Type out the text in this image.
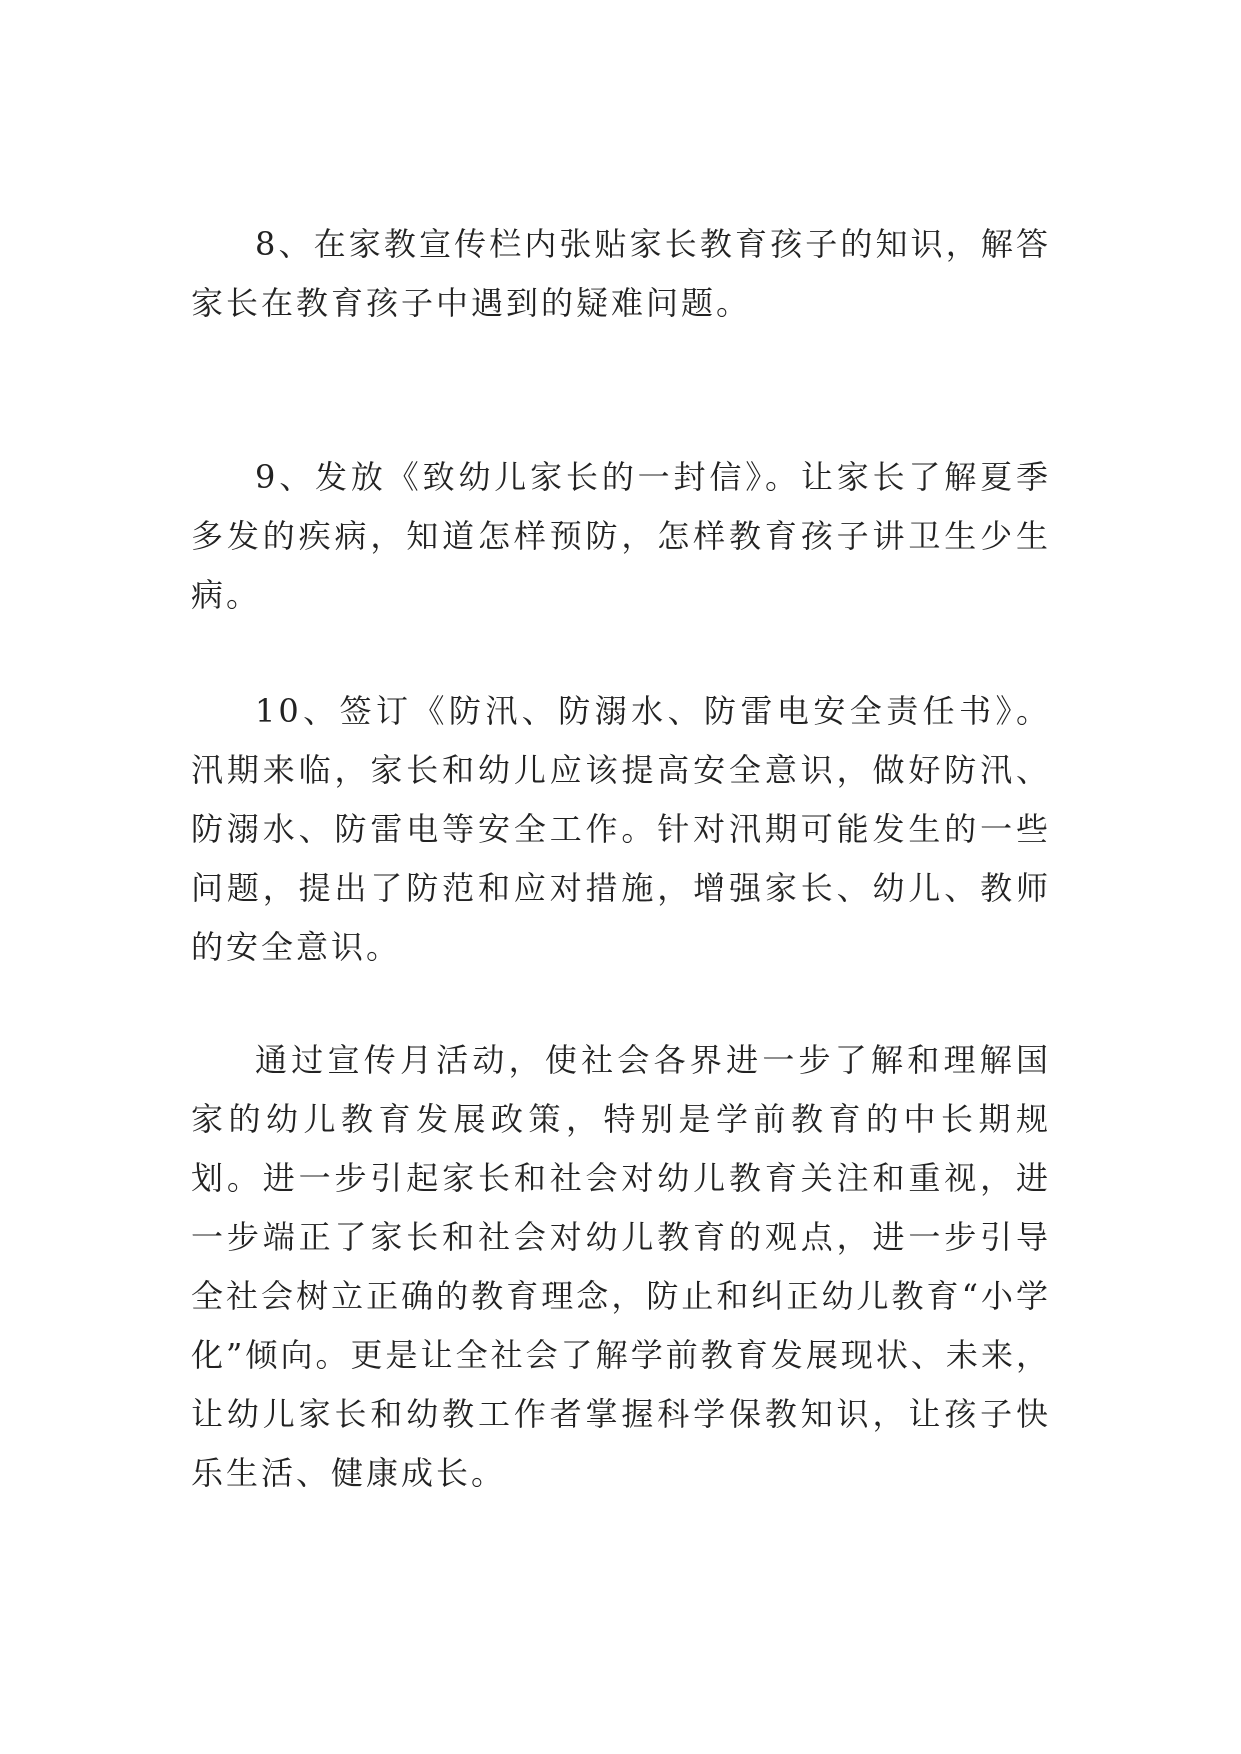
8、在家教宣传栏内张贴家长教育孩子的知识，解答家长在教育孩子中遇到的疑难问题。

9、发放《致幼儿家长的一封信》。让家长了解夏季多发的疾病，知道怎样预防，怎样教育孩子讲卫生少生病。

10、签订《防汛、防溺水、防雷电安全责任书》。汛期来临，家长和幼儿应该提高安全意识，做好防汛、防溺水、防雷电等安全工作。针对汛期可能发生的一些问题，提出了防范和应对措施，增强家长、幼儿、教师的安全意识。

通过宣传月活动，使社会各界进一步了解和理解国家的幼儿教育发展政策，特别是学前教育的中长期规划。进一步引起家长和社会对幼儿教育关注和重视，进一步端正了家长和社会对幼儿教育的观点，进一步引导全社会树立正确的教育理念，防止和纠正幼儿教育“小学化”倾向。更是让全社会了解学前教育发展现状、未来，让幼儿家长和幼教工作者掌握科学保教知识，让孩子快乐生活、健康成长。
